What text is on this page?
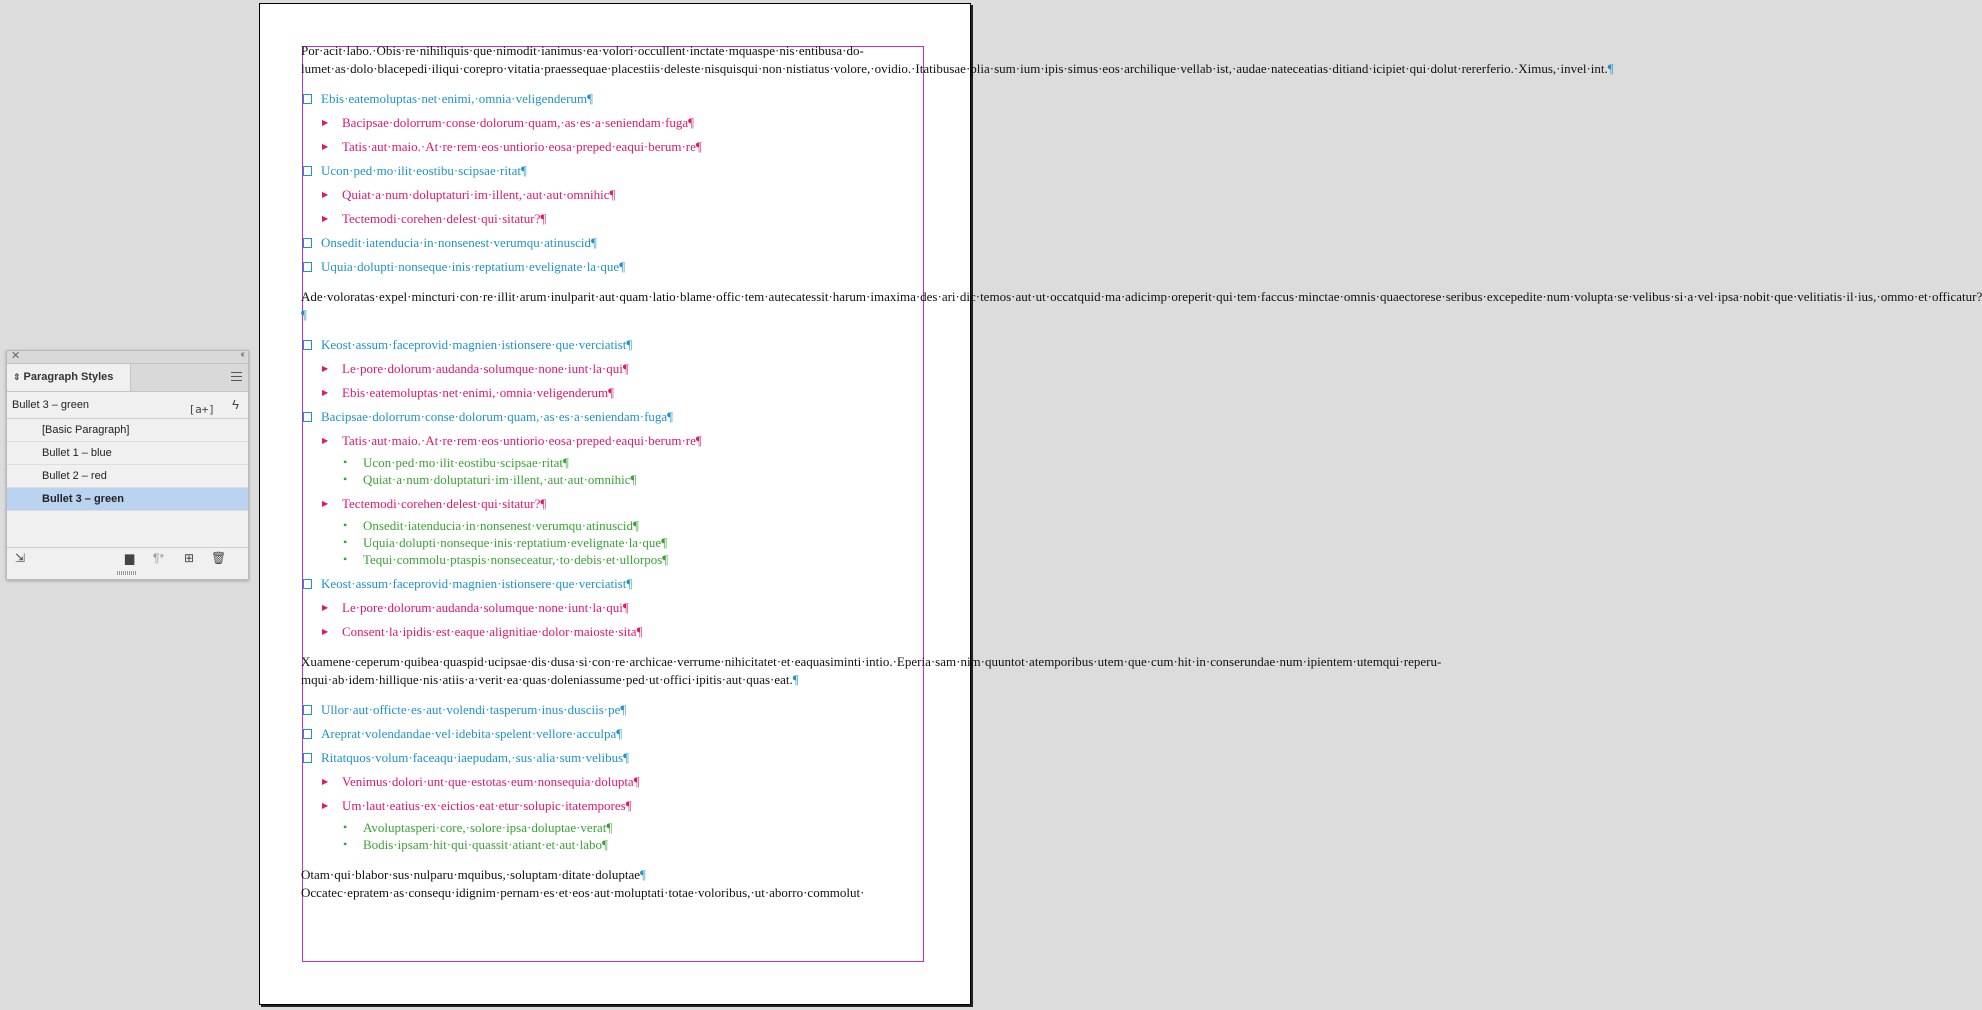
✕	‹‹
⇕ Paragraph Styles
Bullet 3 – green	[a+] ϟ
[Basic Paragraph]
Bullet 1 – blue
Bullet 2 – red
Bullet 3 – green
⇲	▆ ¶* ⊞ 🗑

Por·acit·labo.·Obis·re·nihiliquis·que·nimodit·ianimus·ea·volori·occullent·inctate·mquaspe·nis·entibusa·do-lumet·as·dolo·blacepedi·iliqui·corepro·vitatia·praessequae·placestiis·deleste·nisquisqui·non·nistiatus·volore,·ovidio.·Itatibusae·plia·sum·ium·ipis·simus·eos·archilique·vellab·ist,·audae·nateceatias·ditiand·icipiet·qui·dolut·rererferio.·Ximus,·invel·int.¶

Ebis·eatemoluptas·net·enimi,·omnia·veligenderum¶

▶ Bacipsae·dolorrum·conse·dolorum·quam,·as·es·a·seniendam·fuga¶

▶ Tatis·aut·maio.·At·re·rem·eos·untiorio·eosa·preped·eaqui·berum·re¶

Ucon·ped·mo·ilit·eostibu·scipsae·ritat¶

▶ Quiat·a·num·doluptaturi·im·illent,·aut·aut·omnihic¶

▶ Tectemodi·corehen·delest·qui·sitatur?¶

Onsedit·iatenducia·in·nonsenest·verumqu·atinuscid¶

Uquia·dolupti·nonseque·inis·reptatium·evelignate·la·que¶

Ade·voloratas·expel·mincturi·con·re·illit·arum·inulparit·aut·quam·latio·blame·offic·tem·autecatessit·harum·imaxima·des·ari·dic·temos·aut·ut·occatquid·ma·adicimp·oreperit·qui·tem·faccus·minctae·omnis·quaectorese·seribus·excepedite·num·volupta·se·velibus·si·a·vel·ipsa·nobit·que·velitiatis·il·ius,·ommo·et·officatur?¶

Keost·assum·faceprovid·magnien·istionsere·que·verciatist¶

▶ Le·pore·dolorum·audanda·solumque·none·iunt·la·qui¶

▶ Ebis·eatemoluptas·net·enimi,·omnia·veligenderum¶

Bacipsae·dolorrum·conse·dolorum·quam,·as·es·a·seniendam·fuga¶

▶ Tatis·aut·maio.·At·re·rem·eos·untiorio·eosa·preped·eaqui·berum·re¶

• Ucon·ped·mo·ilit·eostibu·scipsae·ritat¶

• Quiat·a·num·doluptaturi·im·illent,·aut·aut·omnihic¶

▶ Tectemodi·corehen·delest·qui·sitatur?¶

• Onsedit·iatenducia·in·nonsenest·verumqu·atinuscid¶

• Uquia·dolupti·nonseque·inis·reptatium·evelignate·la·que¶

• Tequi·commolu·ptaspis·nonseceatur,·to·debis·et·ullorpos¶

Keost·assum·faceprovid·magnien·istionsere·que·verciatist¶

▶ Le·pore·dolorum·audanda·solumque·none·iunt·la·qui¶

▶ Consent·la·ipidis·est·eaque·alignitiae·dolor·maioste·sita¶

Xuamene·ceperum·quibea·quaspid·ucipsae·dis·dusa·si·con·re·archicae·verrume·nihicitatet·et·eaquasiminti·intio.·Eperia·sam·nim·quuntot·atemporibus·utem·que·cum·hit·in·conserundae·num·ipientem·utemqui·reperu-mqui·ab·idem·hillique·nis·atiis·a·verit·ea·quas·doleniassume·ped·ut·offici·ipitis·aut·quas·eat.¶

Ullor·aut·officte·es·aut·volendi·tasperum·inus·dusciis·pe¶

Areprat·volendandae·vel·idebita·spelent·vellore·acculpa¶

Ritatquos·volum·faceaqu·iaepudam,·sus·alia·sum·velibus¶

▶ Venimus·dolori·unt·que·estotas·eum·nonsequia·dolupta¶

▶ Um·laut·eatius·ex·eictios·eat·etur·solupic·itatempores¶

• Avoluptasperi·core,·solore·ipsa·doluptae·verat¶

• Bodis·ipsam·hit·qui·quassit·atiant·et·aut·labo¶

Otam·qui·blabor·sus·nulparu·mquibus,·soluptam·ditate·doluptae¶

Occatec·epratem·as·consequ·idignim·pernam·es·et·eos·aut·moluptati·totae·voloribus,·ut·aborro·commolut·
